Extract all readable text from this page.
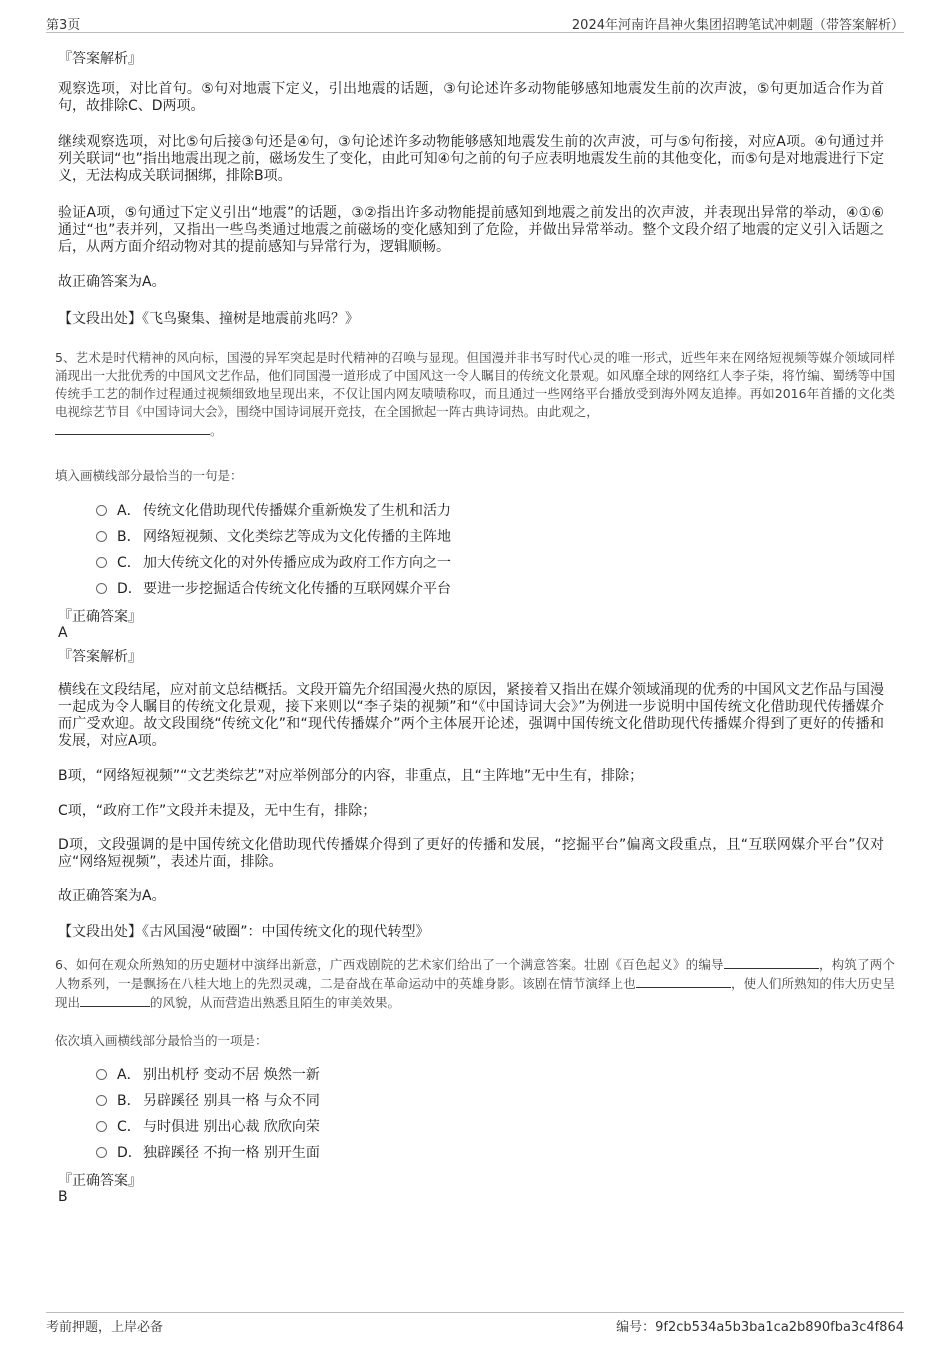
第3页	2024年河南许昌神火集团招聘笔试冲刺题（带答案解析）
『答案解析』
观察选项，对比首句。⑤句对地震下定义，引出地震的话题，③句论述许多动物能够感知地震发生前的次声波，⑤句更加适合作为首句，故排除C、D两项。
继续观察选项，对比⑤句后接③句还是④句，③句论述许多动物能够感知地震发生前的次声波，可与⑤句衔接，对应A项。④句通过并列关联词“也”指出地震出现之前，磁场发生了变化，由此可知④句之前的句子应表明地震发生前的其他变化，而⑤句是对地震进行下定义，无法构成关联词捆绑，排除B项。
验证A项，⑤句通过下定义引出“地震”的话题，③②指出许多动物能提前感知到地震之前发出的次声波，并表现出异常的举动，④①⑥通过“也”表并列，又指出一些鸟类通过地震之前磁场的变化感知到了危险，并做出异常举动。整个文段介绍了地震的定义引入话题之后，从两方面介绍动物对其的提前感知与异常行为，逻辑顺畅。
故正确答案为A。
【文段出处】《飞鸟聚集、撞树是地震前兆吗？》
5、艺术是时代精神的风向标，国漫的异军突起是时代精神的召唤与显现。但国漫并非书写时代心灵的唯一形式，近些年来在网络短视频等媒介领域同样涌现出一大批优秀的中国风文艺作品，他们同国漫一道形成了中国风这一令人瞩目的传统文化景观。如风靡全球的网络红人李子柒，将竹编、蜀绣等中国传统手工艺的制作过程通过视频细致地呈现出来，不仅让国内网友啧啧称叹，而且通过一些网络平台播放受到海外网友追捧。再如2016年首播的文化类电视综艺节目《中国诗词大会》，围绕中国诗词展开竞技，在全国掀起一阵古典诗词热。由此观之，
。
填入画横线部分最恰当的一句是：
A． 传统文化借助现代传播媒介重新焕发了生机和活力
B． 网络短视频、文化类综艺等成为文化传播的主阵地
C． 加大传统文化的对外传播应成为政府工作方向之一
D．要进一步挖掘适合传统文化传播的互联网媒介平台
『正确答案』
A
『答案解析』
横线在文段结尾，应对前文总结概括。文段开篇先介绍国漫火热的原因，紧接着又指出在媒介领域涌现的优秀的中国风文艺作品与国漫一起成为令人瞩目的传统文化景观，接下来则以“李子柒的视频”和“《中国诗词大会》”为例进一步说明中国传统文化借助现代传播媒介而广受欢迎。故文段围绕“传统文化”和“现代传播媒介”两个主体展开论述，强调中国传统文化借助现代传播媒介得到了更好的传播和发展，对应A项。
B项，“网络短视频”“文艺类综艺”对应举例部分的内容，非重点，且“主阵地”无中生有，排除；
C项，“政府工作”文段并未提及，无中生有，排除；
D项，文段强调的是中国传统文化借助现代传播媒介得到了更好的传播和发展，“挖掘平台”偏离文段重点，且“互联网媒介平台”仅对应“网络短视频”，表述片面，排除。
故正确答案为A。
【文段出处】《古风国漫“破圈”：中国传统文化的现代转型》
6、如何在观众所熟知的历史题材中演绎出新意，广西戏剧院的艺术家们给出了一个满意答案。壮剧《百色起义》的编导	，构筑了两个人物系列，一是飘扬在八桂大地上的先烈灵魂，二是奋战在革命运动中的英雄身影。该剧在情节演绎上也	，使人们所熟知的伟大历史呈现出	的风貌，从而营造出熟悉且陌生的审美效果。
依次填入画横线部分最恰当的一项是：
A． 别出机杼 变动不居 焕然一新
B． 另辟蹊径 别具一格 与众不同
C． 与时俱进 别出心裁 欣欣向荣
D．独辟蹊径 不拘一格 别开生面
『正确答案』
B
考前押题，上岸必备	编号：9f2cb534a5b3ba1ca2b890fba3c4f864
